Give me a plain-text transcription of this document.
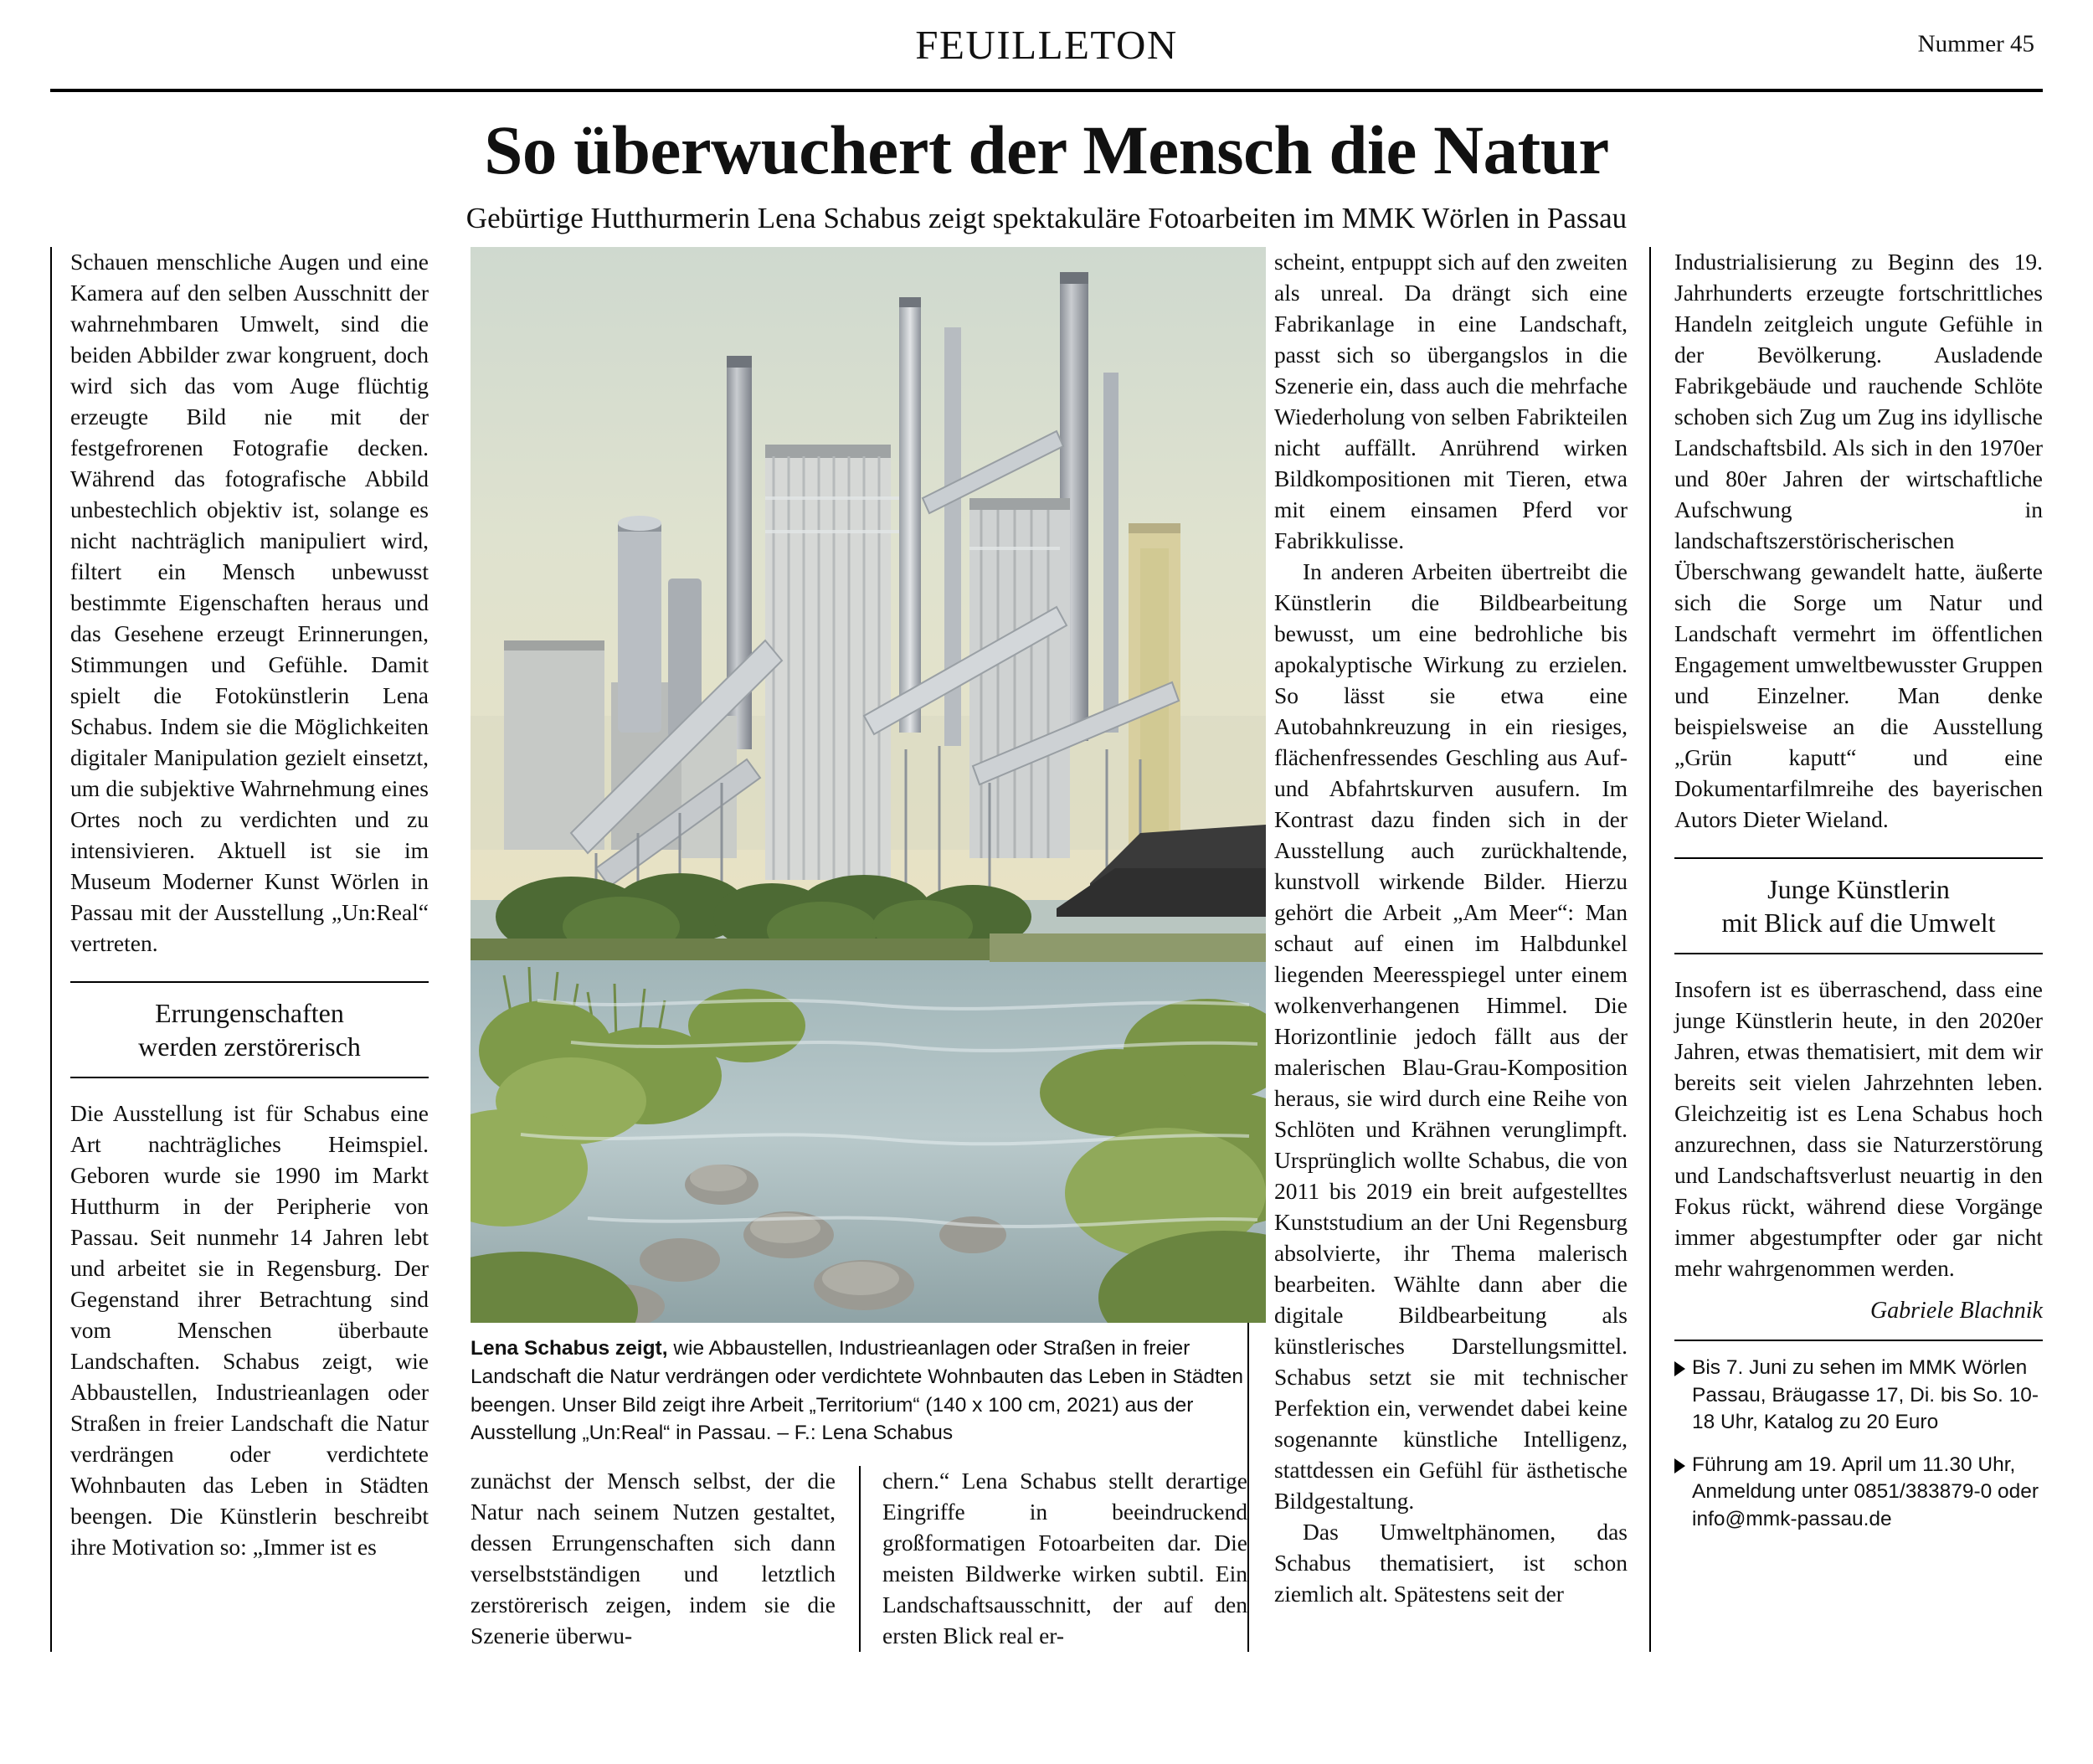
FEUILLETON	Nummer 45
So überwuchert der Mensch die Natur
Gebürtige Hutthurmerin Lena Schabus zeigt spektakuläre Fotoarbeiten im MMK Wörlen in Passau

Schauen menschliche Augen und eine Kamera auf den selben Ausschnitt der wahrnehmbaren Umwelt, sind die beiden Abbilder zwar kongruent, doch wird sich das vom Auge flüchtig erzeugte Bild nie mit der festgefrorenen Fotografie decken. Während das fotografische Abbild unbestechlich objektiv ist, solange es nicht nachträglich manipuliert wird, filtert ein Mensch unbewusst bestimmte Eigenschaften heraus und das Gesehene erzeugt Erinnerungen, Stimmungen und Gefühle. Damit spielt die Fotokünstlerin Lena Schabus. Indem sie die Möglichkeiten digitaler Manipulation gezielt einsetzt, um die subjektive Wahrnehmung eines Ortes noch zu verdichten und zu intensivieren. Aktuell ist sie im Museum Moderner Kunst Wörlen in Passau mit der Ausstellung „Un:Real“ vertreten.

Errungenschaften
werden zerstörerisch

Die Ausstellung ist für Schabus eine Art nachträgliches Heimspiel. Geboren wurde sie 1990 im Markt Hutthurm in der Peripherie von Passau. Seit nunmehr 14 Jahren lebt und arbeitet sie in Regensburg. Der Gegenstand ihrer Betrachtung sind vom Menschen überbaute Landschaften. Schabus zeigt, wie Abbaustellen, Industrieanlagen oder Straßen in freier Landschaft die Natur verdrängen oder verdichtete Wohnbauten das Leben in Städten beengen. Die Künstlerin beschreibt ihre Motivation so: „Immer ist es

Lena Schabus zeigt, wie Abbaustellen, Industrieanlagen oder Straßen in freier Landschaft die Natur verdrängen oder verdichtete Wohnbauten das Leben in Städten beengen. Unser Bild zeigt ihre Arbeit „Territorium“ (140 x 100 cm, 2021) aus der Ausstellung „Un:Real“ in Passau. – F.: Lena Schabus

zunächst der Mensch selbst, der die Natur nach seinem Nutzen gestaltet, dessen Errungenschaften sich dann verselbstständigen und letztlich zerstörerisch zeigen, indem sie die Szenerie überwu-

chern.“ Lena Schabus stellt derartige Eingriffe in beeindruckend großformatigen Fotoarbeiten dar. Die meisten Bildwerke wirken subtil. Ein Landschaftsausschnitt, der auf den ersten Blick real er-

scheint, entpuppt sich auf den zweiten als unreal. Da drängt sich eine Fabrikanlage in eine Landschaft, passt sich so übergangslos in die Szenerie ein, dass auch die mehrfache Wiederholung von selben Fabrikteilen nicht auffällt. Anrührend wirken Bildkompositionen mit Tieren, etwa mit einem einsamen Pferd vor Fabrikkulisse.

In anderen Arbeiten übertreibt die Künstlerin die Bildbearbeitung bewusst, um eine bedrohliche bis apokalyptische Wirkung zu erzielen. So lässt sie etwa eine Autobahnkreuzung in ein riesiges, flächenfressendes Geschling aus Auf- und Abfahrtskurven ausufern. Im Kontrast dazu finden sich in der Ausstellung auch zurückhaltende, kunstvoll wirkende Bilder. Hierzu gehört die Arbeit „Am Meer“: Man schaut auf einen im Halbdunkel liegenden Meeresspiegel unter einem wolkenverhangenen Himmel. Die Horizontlinie jedoch fällt aus der malerischen Blau-Grau-Komposition heraus, sie wird durch eine Reihe von Schlöten und Krähnen verunglimpft. Ursprünglich wollte Schabus, die von 2011 bis 2019 ein breit aufgestelltes Kunststudium an der Uni Regensburg absolvierte, ihr Thema malerisch bearbeiten. Wählte dann aber die digitale Bildbearbeitung als künstlerisches Darstellungsmittel. Schabus setzt sie mit technischer Perfektion ein, verwendet dabei keine sogenannte künstliche Intelligenz, stattdessen ein Gefühl für ästhetische Bildgestaltung.

Das Umweltphänomen, das Schabus thematisiert, ist schon ziemlich alt. Spätestens seit der

Industrialisierung zu Beginn des 19. Jahrhunderts erzeugte fortschrittliches Handeln zeitgleich ungute Gefühle in der Bevölkerung. Ausladende Fabrikgebäude und rauchende Schlöte schoben sich Zug um Zug ins idyllische Landschaftsbild. Als sich in den 1970er und 80er Jahren der wirtschaftliche Aufschwung in landschaftszerstörischerischen Überschwang gewandelt hatte, äußerte sich die Sorge um Natur und Landschaft vermehrt im öffentlichen Engagement umweltbewusster Gruppen und Einzelner. Man denke beispielsweise an die Ausstellung „Grün kaputt“ und eine Dokumentarfilmreihe des bayerischen Autors Dieter Wieland.

Junge Künstlerin
mit Blick auf die Umwelt

Insofern ist es überraschend, dass eine junge Künstlerin heute, in den 2020er Jahren, etwas thematisiert, mit dem wir bereits seit vielen Jahrzehnten leben. Gleichzeitig ist es Lena Schabus hoch anzurechnen, dass sie Naturzerstörung und Landschaftsverlust neuartig in den Fokus rückt, während diese Vorgänge immer abgestumpfter oder gar nicht mehr wahrgenommen werden.

Gabriele Blachnik
Bis 7. Juni zu sehen im MMK Wörlen Passau, Bräugasse 17, Di. bis So. 10-18 Uhr, Katalog zu 20 Euro
Führung am 19. April um 11.30 Uhr, Anmeldung unter 0851/383879-0 oder info@mmk-passau.de
